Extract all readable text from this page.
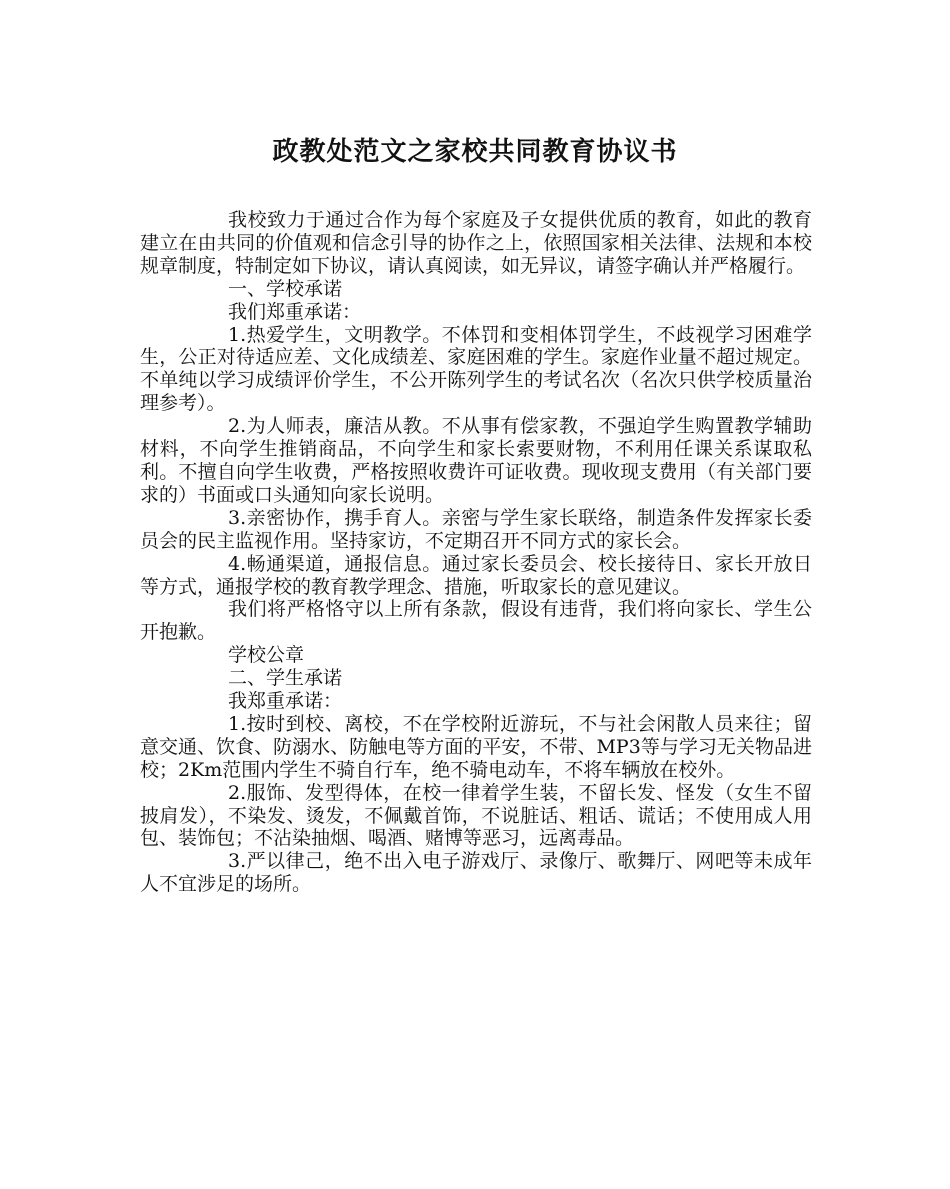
政教处范文之家校共同教育协议书

我校致力于通过合作为每个家庭及子女提供优质的教育，如此的教育建立在由共同的价值观和信念引导的协作之上，依照国家相关法律、法规和本校规章制度，特制定如下协议，请认真阅读，如无异议，请签字确认并严格履行。

一、学校承诺

我们郑重承诺：

1.热爱学生，文明教学。不体罚和变相体罚学生，不歧视学习困难学生，公正对待适应差、文化成绩差、家庭困难的学生。家庭作业量不超过规定。不单纯以学习成绩评价学生，不公开陈列学生的考试名次（名次只供学校质量治理参考）。

2.为人师表，廉洁从教。不从事有偿家教，不强迫学生购置教学辅助材料，不向学生推销商品，不向学生和家长索要财物，不利用任课关系谋取私利。不擅自向学生收费，严格按照收费许可证收费。现收现支费用（有关部门要求的）书面或口头通知向家长说明。

3.亲密协作，携手育人。亲密与学生家长联络，制造条件发挥家长委员会的民主监视作用。坚持家访，不定期召开不同方式的家长会。

4.畅通渠道，通报信息。通过家长委员会、校长接待日、家长开放日等方式，通报学校的教育教学理念、措施，听取家长的意见建议。

我们将严格恪守以上所有条款，假设有违背，我们将向家长、学生公开抱歉。

学校公章

二、学生承诺

我郑重承诺：

1.按时到校、离校，不在学校附近游玩，不与社会闲散人员来往；留意交通、饮食、防溺水、防触电等方面的平安，不带、MP3等与学习无关物品进校；2Km范围内学生不骑自行车，绝不骑电动车，不将车辆放在校外。

2.服饰、发型得体，在校一律着学生装，不留长发、怪发（女生不留披肩发），不染发、烫发，不佩戴首饰，不说脏话、粗话、谎话；不使用成人用包、装饰包；不沾染抽烟、喝酒、赌博等恶习，远离毒品。

3.严以律己，绝不出入电子游戏厅、录像厅、歌舞厅、网吧等未成年人不宜涉足的场所。
